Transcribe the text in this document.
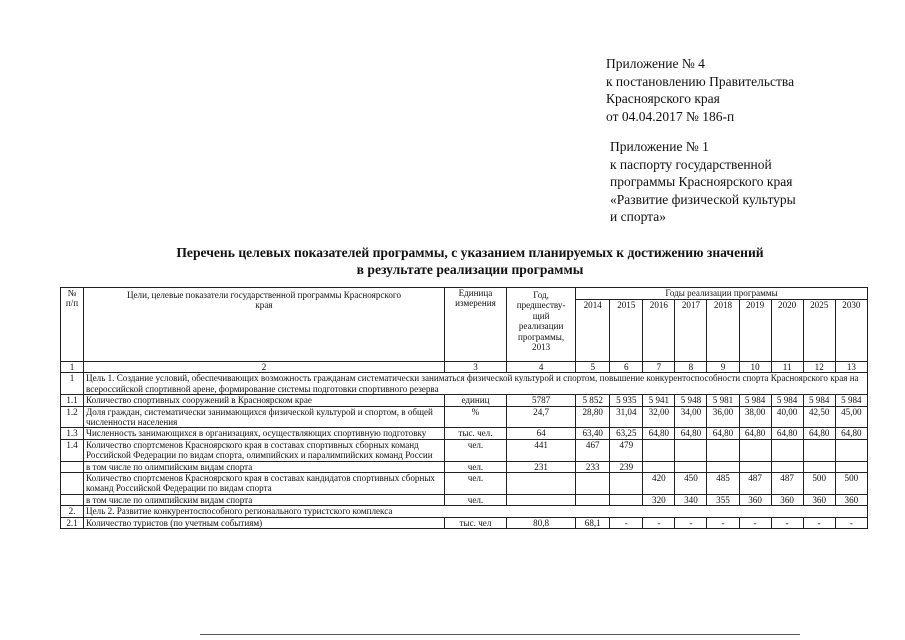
Приложение № 4
к постановлению Правительства
Красноярского края
от 04.04.2017 № 186-п
Приложение № 1
к паспорту государственной
программы Красноярского края
«Развитие физической культуры
и спорта»
Перечень целевых показателей программы, с указанием планируемых к достижению значений
в результате реализации программы
№ п/п	Цели, целевые показатели государственной программы Красноярского края	Единица измерения	Год, предшеству-щий реализации программы, 2013	Годы реализации программы								
				2014	2015	2016	2017	2018	2019	2020	2025	2030
1	2	3	4	5	6	7	8	9	10	11	12	13
1	Цель 1. Создание условий, обеспечивающих возможность гражданам систематически заниматься физической культурой и спортом, повышение конкурентоспособности спорта Красноярского края на всероссийской спортивной арене, формирование системы подготовки спортивного резерва											
1.1	Количество спортивных сооружений в Красноярском крае	единиц	5787	5 852	5 935	5 941	5 948	5 981	5 984	5 984	5 984	5 984
1.2	Доля граждан, систематически занимающихся физической культурой и спортом, в общей численности населения	%	24,7	28,80	31,04	32,00	34,00	36,00	38,00	40,00	42,50	45,00
1.3	Численность занимающихся в организациях, осуществляющих спортивную подготовку	тыс. чел.	64	63,40	63,25	64,80	64,80	64,80	64,80	64,80	64,80	64,80
1.4	Количество спортсменов Красноярского края в составах спортивных сборных команд Российской Федерации по видам спорта, олимпийских и паралимпийских команд России	чел.	441	467	479							
	в том числе по олимпийским видам спорта	чел.	231	233	239							
	Количество спортсменов Красноярского края в составах кандидатов спортивных сборных команд Российской Федерации по видам спорта	чел.				420	450	485	487	487	500	500
	в том числе по олимпийским видам спорта	чел.				320	340	355	360	360	360	360
2.	Цель 2. Развитие конкурентоспособного регионального туристского комплекса											
2.1	Количество туристов (по учетным событиям)	тыс. чел	80,8	68,1	-	-	-	-	-	-	-	-
